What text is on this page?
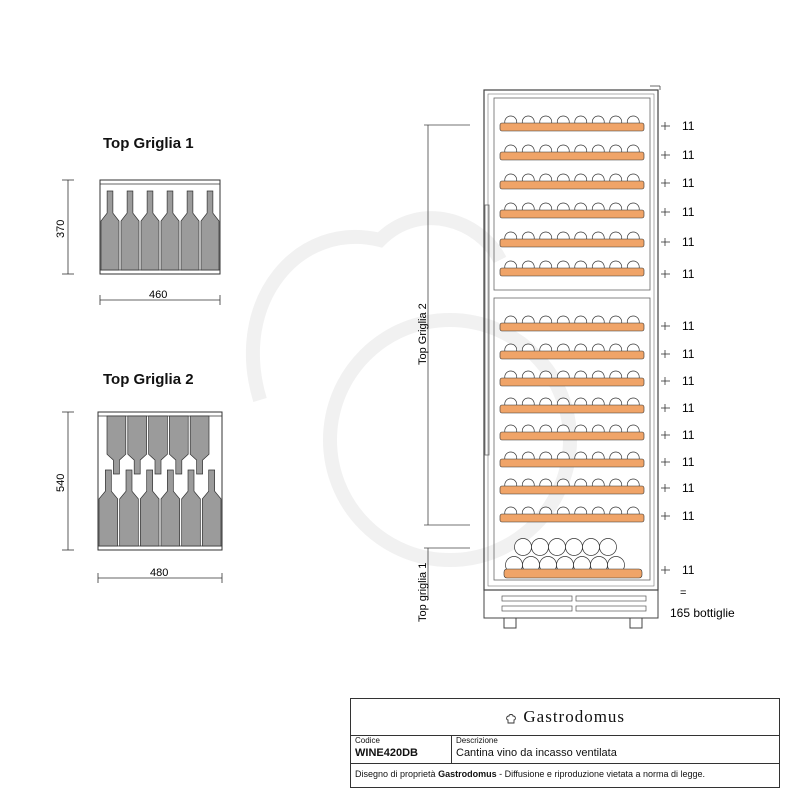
Top Griglia 1
Top Griglia 2
370
460
540
480
11
11
11
11
11
11
11
11
11
11
11
11
11
11
11
Top Griglia 2
Top griglia 1	=
165 bottiglie
Gastrodomus
Codice
WINE420DB
Descrizione
Cantina vino da incasso ventilata
Disegno di proprietà Gastrodomus - Diffusione e riproduzione vietata a norma di legge.
